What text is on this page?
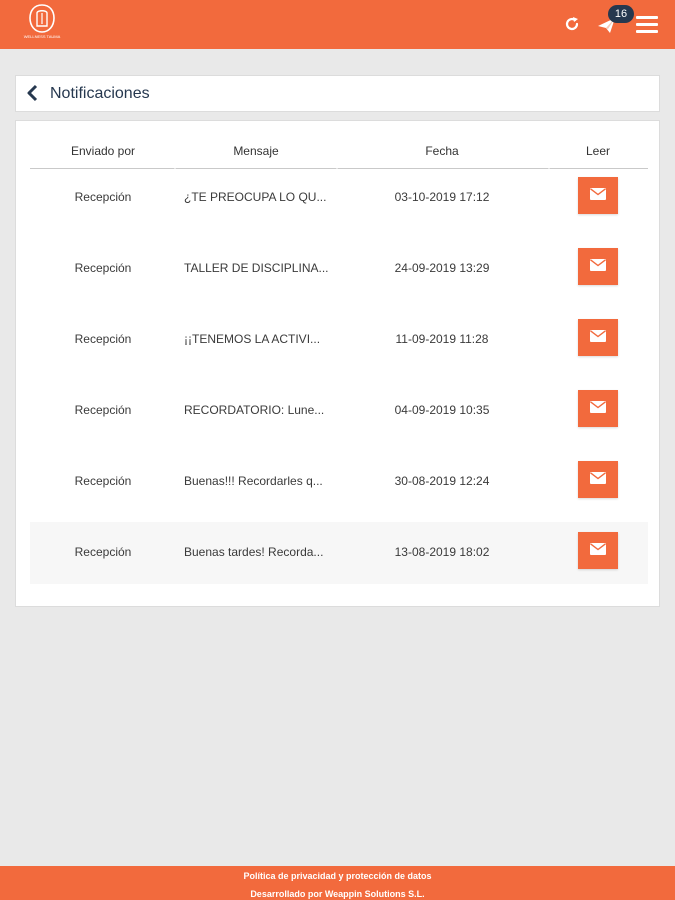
WELLNESS TAUMA
16
Notificaciones
Enviado por	Mensaje	Fecha	Leer
Recepción	¿TE PREOCUPA LO QU...	03-10-2019 17:12
Recepción	TALLER DE DISCIPLINA...	24-09-2019 13:29
Recepción	¡¡TENEMOS LA ACTIVI...	11-09-2019 11:28
Recepción	RECORDATORIO: Lune...	04-09-2019 10:35
Recepción	Buenas!!! Recordarles q...	30-08-2019 12:24
Recepción	Buenas tardes! Recorda...	13-08-2019 18:02
Política de privacidad y protección de datos
Desarrollado por Weappin Solutions S.L.
